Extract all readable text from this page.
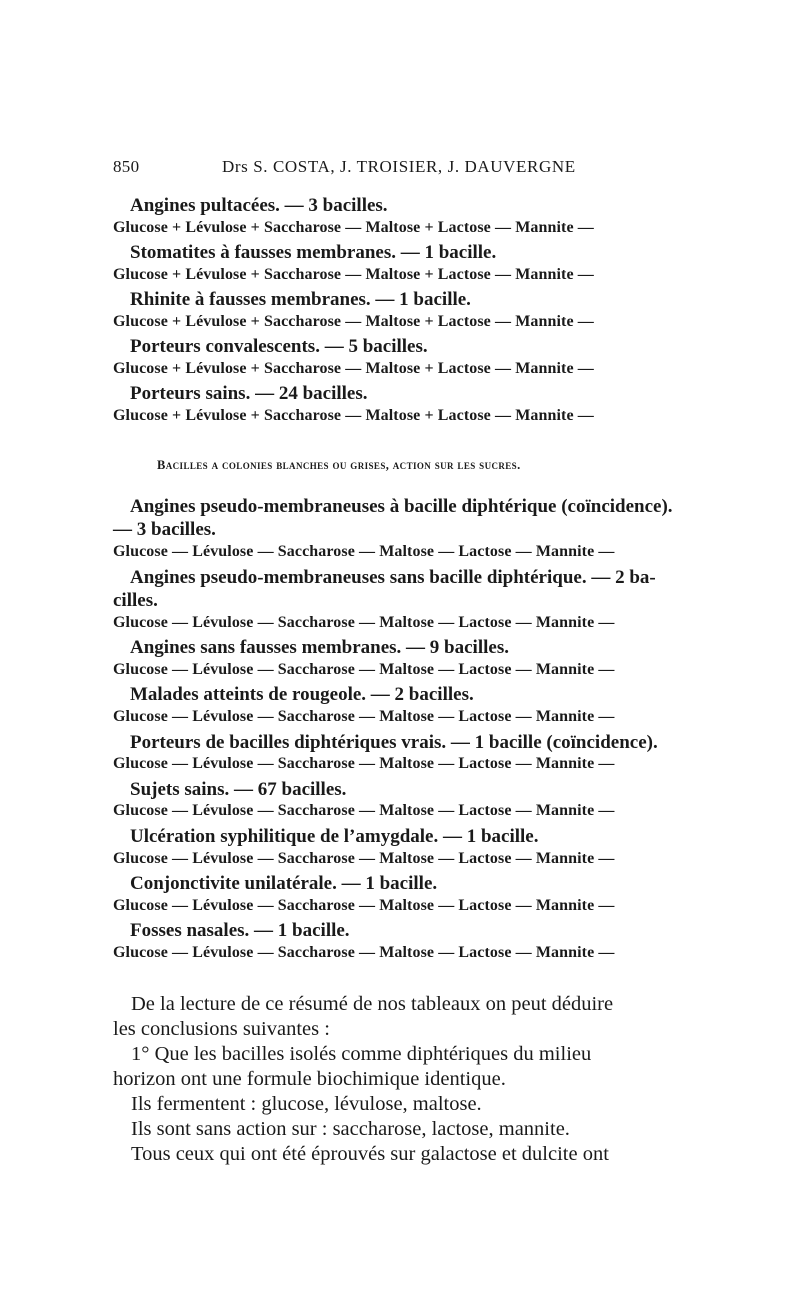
850	Drs S. COSTA, J. TROISIER, J. DAUVERGNE
Angines pultacées. — 3 bacilles.
Glucose + Lévulose + Saccharose — Maltose + Lactose — Mannite —
Stomatites à fausses membranes. — 1 bacille.
Glucose + Lévulose + Saccharose — Maltose + Lactose — Mannite —
Rhinite à fausses membranes. — 1 bacille.
Glucose + Lévulose + Saccharose — Maltose + Lactose — Mannite —
Porteurs convalescents. — 5 bacilles.
Glucose + Lévulose + Saccharose — Maltose + Lactose — Mannite —
Porteurs sains. — 24 bacilles.
Glucose + Lévulose + Saccharose — Maltose + Lactose — Mannite —
Bacilles a colonies blanches ou grises, action sur les sucres.
Angines pseudo-membraneuses à bacille diphtérique (coïncidence).
— 3 bacilles.
Glucose — Lévulose — Saccharose — Maltose — Lactose — Mannite —
Angines pseudo-membraneuses sans bacille diphtérique. — 2 ba-
cilles.
Glucose — Lévulose — Saccharose — Maltose — Lactose — Mannite —
Angines sans fausses membranes. — 9 bacilles.
Glucose — Lévulose — Saccharose — Maltose — Lactose — Mannite —
Malades atteints de rougeole. — 2 bacilles.
Glucose — Lévulose — Saccharose — Maltose — Lactose — Mannite —
Porteurs de bacilles diphtériques vrais. — 1 bacille (coïncidence).
Glucose — Lévulose — Saccharose — Maltose — Lactose — Mannite —
Sujets sains. — 67 bacilles.
Glucose — Lévulose — Saccharose — Maltose — Lactose — Mannite —
Ulcération syphilitique de l’amygdale. — 1 bacille.
Glucose — Lévulose — Saccharose — Maltose — Lactose — Mannite —
Conjonctivite unilatérale. — 1 bacille.
Glucose — Lévulose — Saccharose — Maltose — Lactose — Mannite —
Fosses nasales. — 1 bacille.
Glucose — Lévulose — Saccharose — Maltose — Lactose — Mannite —
De la lecture de ce résumé de nos tableaux on peut déduire
les conclusions suivantes :
1° Que les bacilles isolés comme diphtériques du milieu
horizon ont une formule biochimique identique.
Ils fermentent : glucose, lévulose, maltose.
Ils sont sans action sur : saccharose, lactose, mannite.
Tous ceux qui ont été éprouvés sur galactose et dulcite ont
